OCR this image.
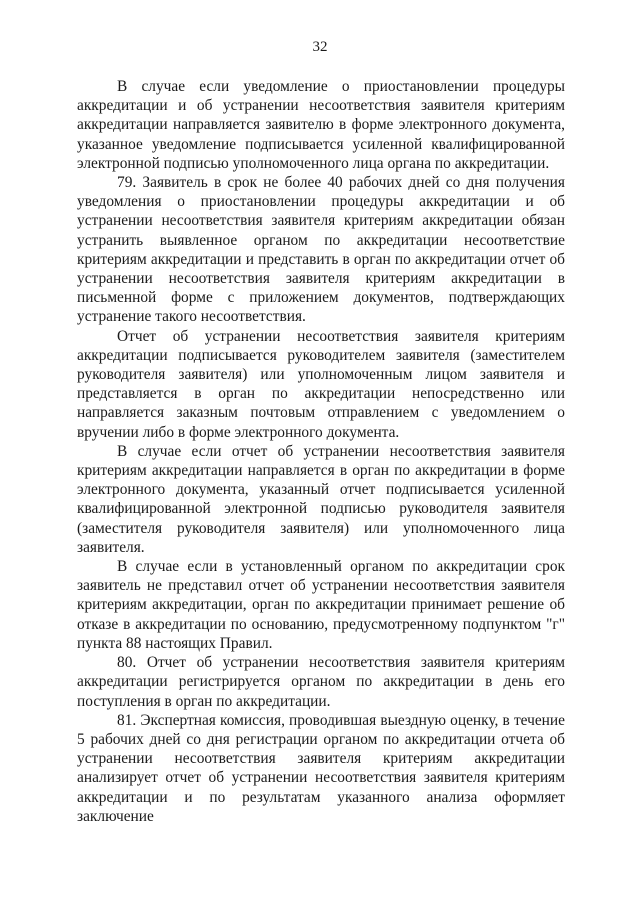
32

В случае если уведомление о приостановлении процедуры аккредитации и об устранении несоответствия заявителя критериям аккредитации направляется заявителю в форме электронного документа, указанное уведомление подписывается усиленной квалифицированной электронной подписью уполномоченного лица органа по аккредитации.

79. Заявитель в срок не более 40 рабочих дней со дня получения уведомления о приостановлении процедуры аккредитации и об устранении несоответствия заявителя критериям аккредитации обязан устранить выявленное органом по аккредитации несоответствие критериям аккредитации и представить в орган по аккредитации отчет об устранении несоответствия заявителя критериям аккредитации в письменной форме с приложением документов, подтверждающих устранение такого несоответствия.

Отчет об устранении несоответствия заявителя критериям аккредитации подписывается руководителем заявителя (заместителем руководителя заявителя) или уполномоченным лицом заявителя и представляется в орган по аккредитации непосредственно или направляется заказным почтовым отправлением с уведомлением о вручении либо в форме электронного документа.

В случае если отчет об устранении несоответствия заявителя критериям аккредитации направляется в орган по аккредитации в форме электронного документа, указанный отчет подписывается усиленной квалифицированной электронной подписью руководителя заявителя (заместителя руководителя заявителя) или уполномоченного лица заявителя.

В случае если в установленный органом по аккредитации срок заявитель не представил отчет об устранении несоответствия заявителя критериям аккредитации, орган по аккредитации принимает решение об отказе в аккредитации по основанию, предусмотренному подпунктом "г" пункта 88 настоящих Правил.

80. Отчет об устранении несоответствия заявителя критериям аккредитации регистрируется органом по аккредитации в день его поступления в орган по аккредитации.

81. Экспертная комиссия, проводившая выездную оценку, в течение 5 рабочих дней со дня регистрации органом по аккредитации отчета об устранении несоответствия заявителя критериям аккредитации анализирует отчет об устранении несоответствия заявителя критериям аккредитации и по результатам указанного анализа оформляет заключение
